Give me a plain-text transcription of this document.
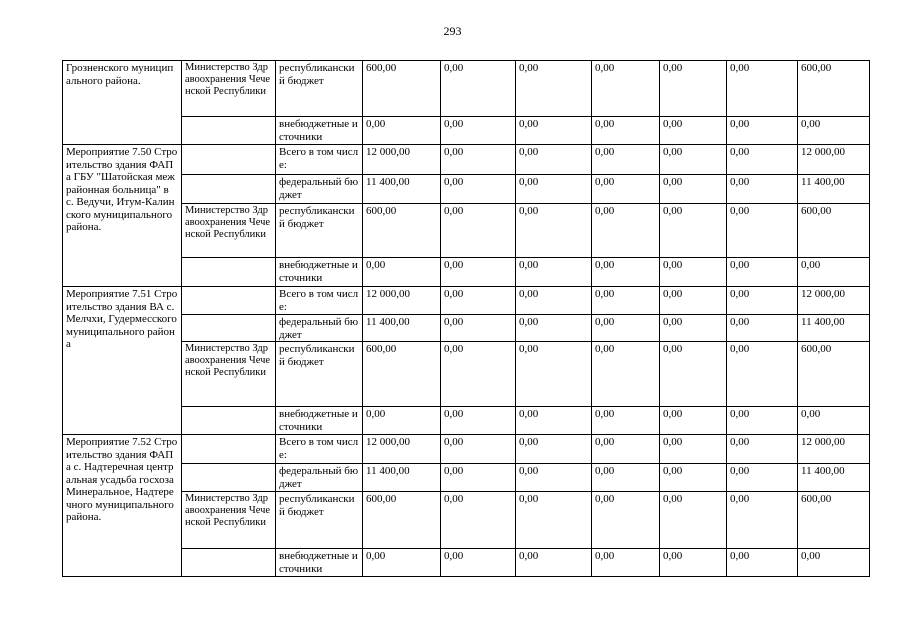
293
Грозненского муниципального района.	Министерство Здравоохранения Чеченской Республики	республиканский бюджет	600,00	0,00	0,00	0,00	0,00	0,00	600,00
		внебюджетные источники	0,00	0,00	0,00	0,00	0,00	0,00	0,00
Мероприятие 7.50 Строительство здания ФАПа ГБУ "Шатойская межрайонная больница" в с. Ведучи, Итум-Калинского муниципального района.		Всего в том числе:	12 000,00	0,00	0,00	0,00	0,00	0,00	12 000,00
		федеральный бюджет	11 400,00	0,00	0,00	0,00	0,00	0,00	11 400,00
	Министерство Здравоохранения Чеченской Республики	республиканский бюджет	600,00	0,00	0,00	0,00	0,00	0,00	600,00
		внебюджетные источники	0,00	0,00	0,00	0,00	0,00	0,00	0,00
Мероприятие 7.51 Строительство здания ВА с. Мелчхи, Гудермесского муниципального района		Всего в том числе:	12 000,00	0,00	0,00	0,00	0,00	0,00	12 000,00
		федеральный бюджет	11 400,00	0,00	0,00	0,00	0,00	0,00	11 400,00
	Министерство Здравоохранения Чеченской Республики	республиканский бюджет	600,00	0,00	0,00	0,00	0,00	0,00	600,00
		внебюджетные источники	0,00	0,00	0,00	0,00	0,00	0,00	0,00
Мероприятие 7.52 Строительство здания ФАПа с. Надтеречная центральная усадьба госхоза Минеральное, Надтеречного муниципального района.		Всего в том числе:	12 000,00	0,00	0,00	0,00	0,00	0,00	12 000,00
		федеральный бюджет	11 400,00	0,00	0,00	0,00	0,00	0,00	11 400,00
	Министерство Здравоохранения Чеченской Республики	республиканский бюджет	600,00	0,00	0,00	0,00	0,00	0,00	600,00
		внебюджетные источники	0,00	0,00	0,00	0,00	0,00	0,00	0,00
